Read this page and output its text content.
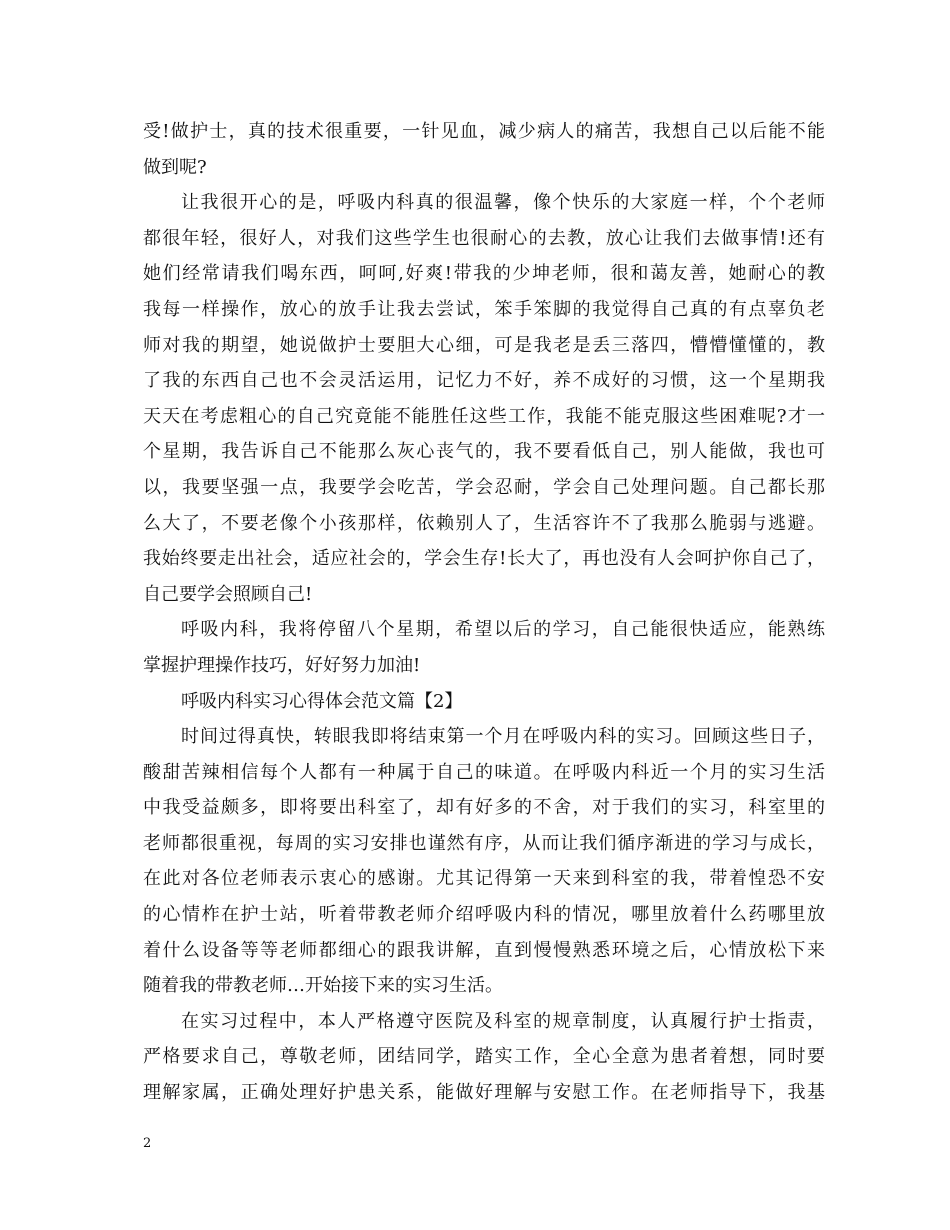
受!做护士，真的技术很重要，一针见血，减少病人的痛苦，我想自己以后能不能
做到呢?
让我很开心的是，呼吸内科真的很温馨，像个快乐的大家庭一样，个个老师
都很年轻，很好人，对我们这些学生也很耐心的去教，放心让我们去做事情!还有
她们经常请我们喝东西，呵呵,好爽!带我的少坤老师，很和蔼友善，她耐心的教
我每一样操作，放心的放手让我去尝试，笨手笨脚的我觉得自己真的有点辜负老
师对我的期望，她说做护士要胆大心细，可是我老是丢三落四，懵懵懂懂的，教
了我的东西自己也不会灵活运用，记忆力不好，养不成好的习惯，这一个星期我
天天在考虑粗心的自己究竟能不能胜任这些工作，我能不能克服这些困难呢?才一
个星期，我告诉自己不能那么灰心丧气的，我不要看低自己，别人能做，我也可
以，我要坚强一点，我要学会吃苦，学会忍耐，学会自己处理问题。自己都长那
么大了，不要老像个小孩那样，依赖别人了，生活容许不了我那么脆弱与逃避。
我始终要走出社会，适应社会的，学会生存!长大了，再也没有人会呵护你自己了，
自己要学会照顾自己!
呼吸内科，我将停留八个星期，希望以后的学习，自己能很快适应，能熟练
掌握护理操作技巧，好好努力加油!
呼吸内科实习心得体会范文篇【2】
时间过得真快，转眼我即将结束第一个月在呼吸内科的实习。回顾这些日子，
酸甜苦辣相信每个人都有一种属于自己的味道。在呼吸内科近一个月的实习生活
中我受益颇多，即将要出科室了，却有好多的不舍，对于我们的实习，科室里的
老师都很重视，每周的实习安排也谨然有序，从而让我们循序渐进的学习与成长，
在此对各位老师表示衷心的感谢。尤其记得第一天来到科室的我，带着惶恐不安
的心情柞在护士站，听着带教老师介绍呼吸内科的情况，哪里放着什么药哪里放
着什么设备等等老师都细心的跟我讲解，直到慢慢熟悉环境之后，心情放松下来
随着我的带教老师…开始接下来的实习生活。
在实习过程中，本人严格遵守医院及科室的规章制度，认真履行护士指责，
严格要求自己，尊敬老师，团结同学，踏实工作，全心全意为患者着想，同时要
理解家属，正确处理好护患关系，能做好理解与安慰工作。在老师指导下，我基
2
